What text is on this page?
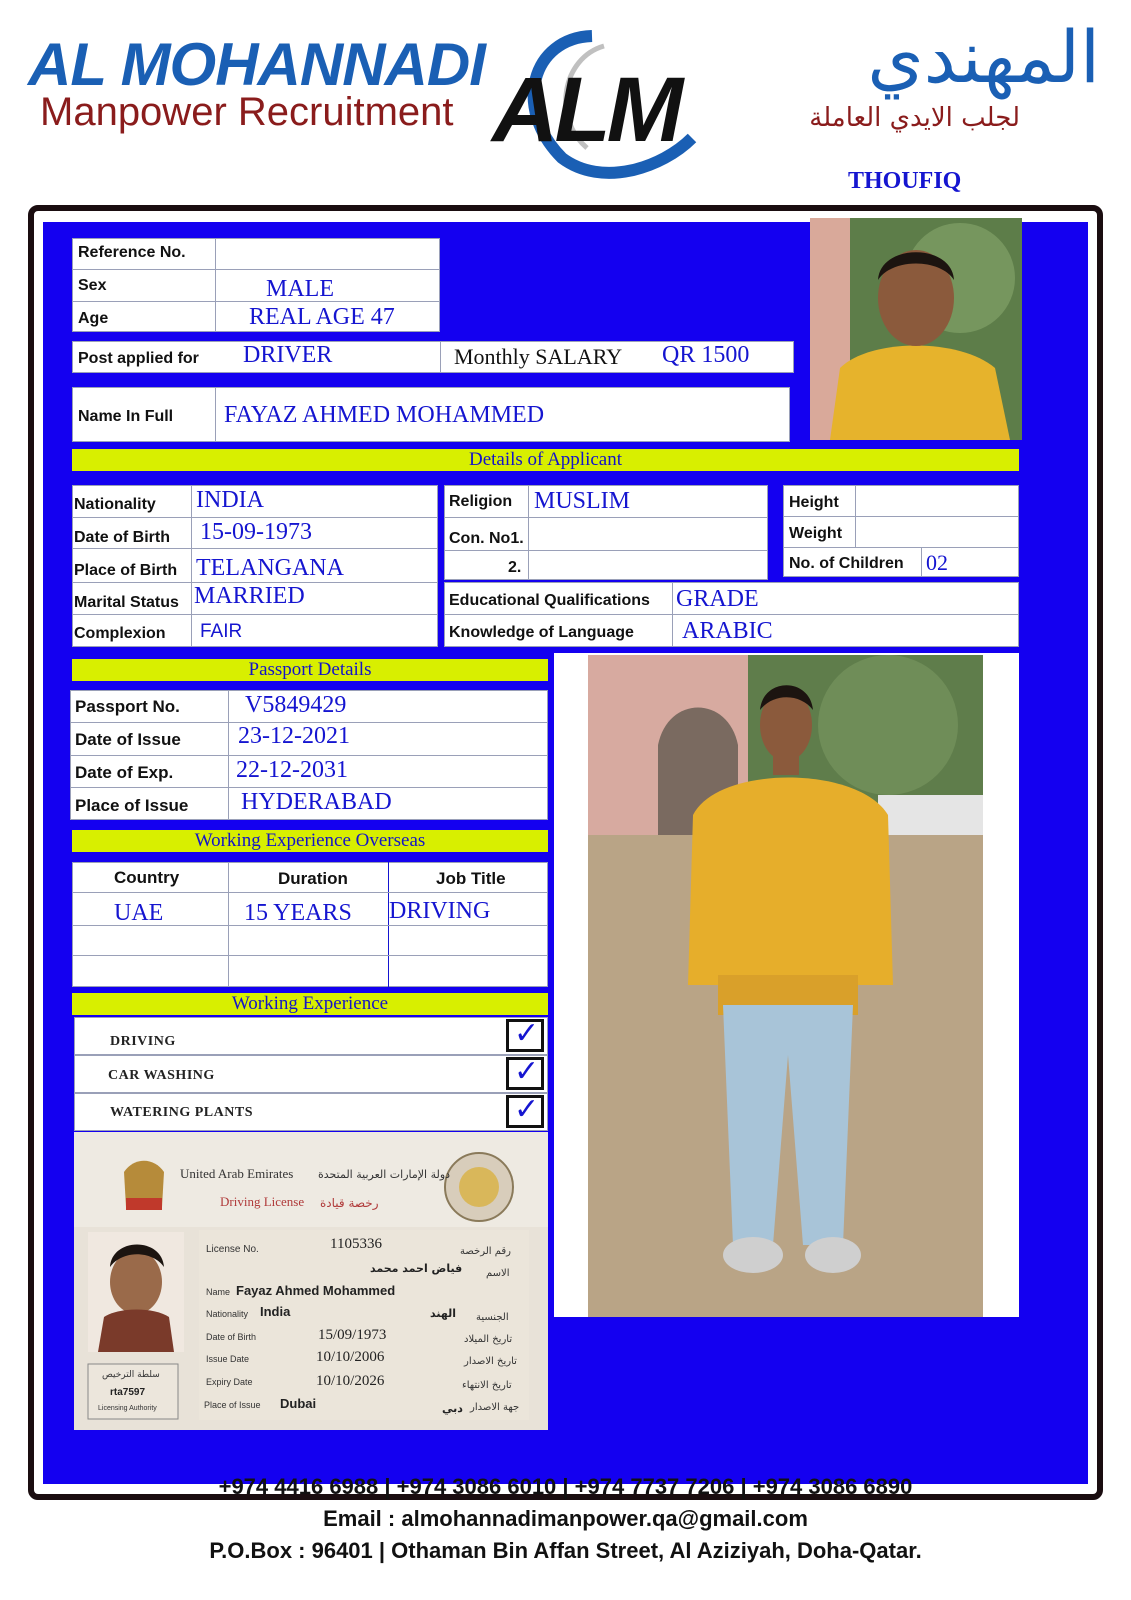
AL MOHANNADI
Manpower Recruitment ALM
المهندي
لجلب الايدي العاملة
THOUFIQ
Reference No.
Sex	MALE
Age	REAL AGE 47
Post applied for DRIVER	Monthly SALARY QR 1500
Name In Full FAYAZ AHMED MOHAMMED
Details of Applicant
Nationality INDIA
Date of Birth 15-09-1973
Place of Birth TELANGANA
Marital Status MARRIED
Complexion FAIR
Religion MUSLIM
Con. No1.
2.
Height
Weight
No. of Children 02
Educational Qualifications GRADE
Knowledge of Language ARABIC
Passport Details
Passport No.	V5849429
Date of Issue 23-12-2021
Date of Exp.	22-12-2031
Place of Issue HYDERABAD
Working Experience Overseas
Country	Duration	Job Title
UAE	15 YEARS DRIVING
Working Experience
DRIVING
CAR WASHING
WATERING PLANTS
✓
✓
✓
United Arab Emirates دولة الإمارات العربية المتحدة
Driving License رخصة قيادة
License No.	1105336	رقم الرخصة
فياض احمد محمد الاسم
Name Fayaz Ahmed Mohammed
Nationality India	الهند الجنسية
Date of Birth	15/09/1973	تاريخ الميلاد
Issue Date	10/10/2006	تاريخ الاصدار
Expiry Date	10/10/2026	تاريخ الانتهاء
Place of Issue Dubai	دبي جهة الاصدار
سلطة الترخيص
rta7597
Licensing Authority
+974 4416 6988 | +974 3086 6010 | +974 7737 7206 | +974 3086 6890
Email : almohannadimanpower.qa@gmail.com
P.O.Box : 96401 | Othaman Bin Affan Street, Al Aziziyah, Doha-Qatar.
